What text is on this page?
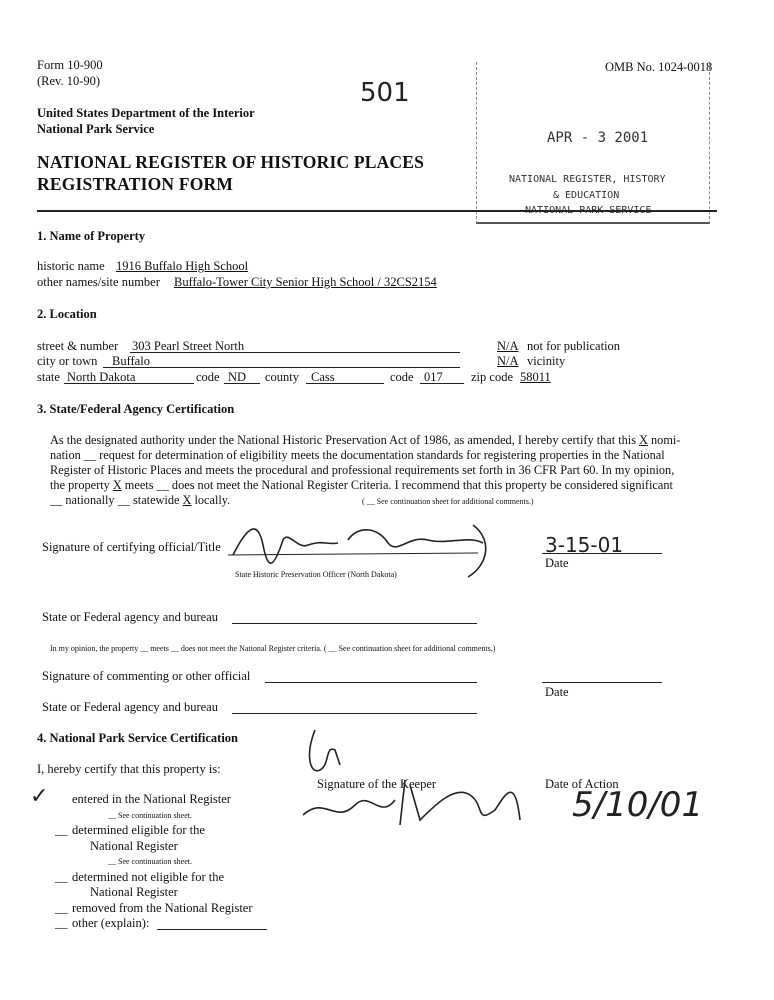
Form 10-900
(Rev. 10-90)
OMB No. 1024-0018
501
United States Department of the Interior
National Park Service
NATIONAL REGISTER OF HISTORIC PLACES
REGISTRATION FORM
APR - 3 2001
NATIONAL REGISTER, HISTORY
& EDUCATION
NATIONAL PARK SERVICE
1. Name of Property
historic name 1916 Buffalo High School
other names/site number Buffalo-Tower City Senior High School / 32CS2154
2. Location
street & number 303 Pearl Street North	N/A not for publication
city or town Buffalo	N/A vicinity
state North Dakota	code ND county Cass	code 017 zip code 58011
3. State/Federal Agency Certification
As the designated authority under the National Historic Preservation Act of 1986, as amended, I hereby certify that this X nomi-
nation __ request for determination of eligibility meets the documentation standards for registering properties in the National
Register of Historic Places and meets the procedural and professional requirements set forth in 36 CFR Part 60. In my opinion,
the property X meets __ does not meet the National Register Criteria. I recommend that this property be considered significant
__ nationally __ statewide X locally.	( __ See continuation sheet for additional comments.)
Signature of certifying official/Title
State Historic Preservation Officer (North Dakota)
3-15-01
Date
State or Federal agency and bureau
In my opinion, the property __ meets __ does not meet the National Register criteria. ( __ See continuation sheet for additional comments.)
Signature of commenting or other official
Date
State or Federal agency and bureau
4. National Park Service Certification
I, hereby certify that this property is:
Signature of the Keeper	Date of Action
5/10/01
✓ entered in the National Register
__ See continuation sheet.
__ determined eligible for the
National Register
__ See continuation sheet.
__ determined not eligible for the
National Register
__ removed from the National Register
__ other (explain):
